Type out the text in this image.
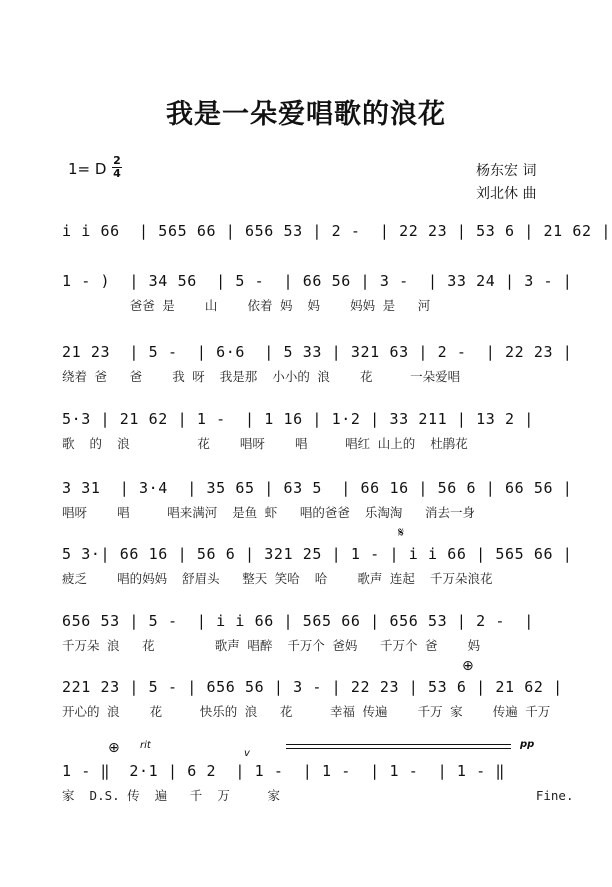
我是一朵爱唱歌的浪花
1= D 2
4	杨东宏 词
刘北休 曲
i i 66  | 565 66 | 656 53 | 2 -  | 22 23 | 53 6 | 21 62 |
1 - )  | 34 56  | 5 -  | 66 56 | 3 -  | 33 24 | 3 - |
爸爸 是    山    依着 妈  妈    妈妈 是   河
21 23  | 5 -  | 6·6  | 5 33 | 321 63 | 2 -  | 22 23 |
绕着 爸   爸    我 呀  我是那  小小的 浪    花     一朵爱唱
5·3 | 21 62 | 1 -  | 1 16 | 1·2 | 33 211 | 13 2 |
歌  的  浪         花    唱呀    唱     唱红 山上的  杜鹃花
3 31  | 3·4  | 35 65 | 63 5  | 66 16 | 56 6 | 66 56 |
唱呀    唱     唱来满河  是鱼 虾   唱的爸爸  乐淘淘   消去一身
𝄋
5 3·| 66 16 | 56 6 | 321 25 | 1 - | i i 66 | 565 66 |
疲乏    唱的妈妈  舒眉头   整天 笑哈  哈    歌声 连起  千万朵浪花
656 53 | 5 -  | i i 66 | 565 66 | 656 53 | 2 -  |
千万朵 浪   花        歌声 唱醉  千万个 爸妈   千万个 爸    妈
⊕
221 23 | 5 - | 656 56 | 3 - | 22 23 | 53 6 | 21 62 |
开心的 浪    花     快乐的 浪   花     幸福 传遍    千万 家    传遍 千万
⊕ rit	pp
v
1 - ‖  2·1 | 6 2  | 1 -  | 1 -  | 1 -  | 1 - ‖
家  D.S. 传  遍   千  万     家                                  Fine.
